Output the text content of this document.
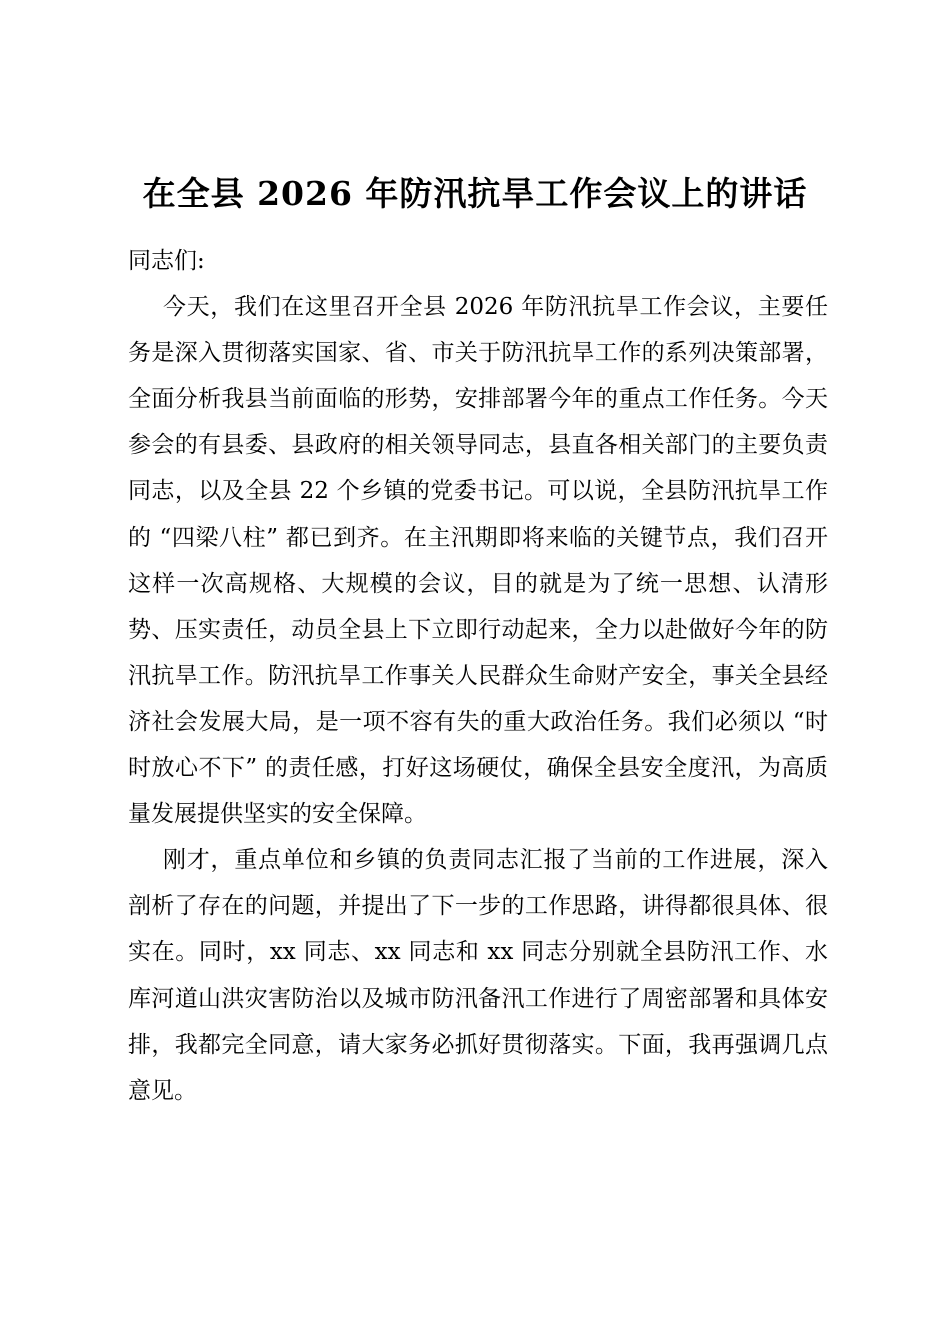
在全县 2026 年防汛抗旱工作会议上的讲话

同志们:

今天，我们在这里召开全县 2026 年防汛抗旱工作会议，主要任务是深入贯彻落实国家、省、市关于防汛抗旱工作的系列决策部署，全面分析我县当前面临的形势，安排部署今年的重点工作任务。今天参会的有县委、县政府的相关领导同志，县直各相关部门的主要负责同志，以及全县 22 个乡镇的党委书记。可以说，全县防汛抗旱工作的 “四梁八柱” 都已到齐。在主汛期即将来临的关键节点，我们召开这样一次高规格、大规模的会议，目的就是为了统一思想、认清形势、压实责任，动员全县上下立即行动起来，全力以赴做好今年的防汛抗旱工作。防汛抗旱工作事关人民群众生命财产安全，事关全县经济社会发展大局，是一项不容有失的重大政治任务。我们必须以 “时时放心不下” 的责任感，打好这场硬仗，确保全县安全度汛，为高质量发展提供坚实的安全保障。

刚才，重点单位和乡镇的负责同志汇报了当前的工作进展，深入剖析了存在的问题，并提出了下一步的工作思路，讲得都很具体、很实在。同时，xx 同志、xx 同志和 xx 同志分别就全县防汛工作、水库河道山洪灾害防治以及城市防汛备汛工作进行了周密部署和具体安排，我都完全同意，请大家务必抓好贯彻落实。下面，我再强调几点意见。
